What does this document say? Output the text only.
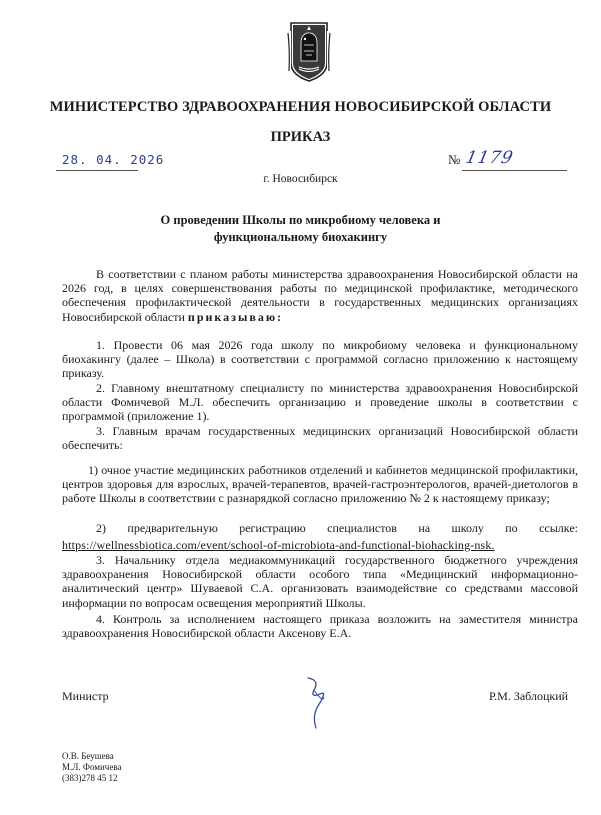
МИНИСТЕРСТВО ЗДРАВООХРАНЕНИЯ НОВОСИБИРСКОЙ ОБЛАСТИ
ПРИКАЗ
28. 04. 2026	№ 1179
г. Новосибирск
О проведении Школы по микробиому человека и
функциональному биохакингу
В соответствии с планом работы министерства здравоохранения Новосибирской области на 2026 год, в целях совершенствования работы по медицинской профилактике, методического обеспечения профилактической деятельности в государственных медицинских организациях Новосибирской области приказываю:
1. Провести 06 мая 2026 года школу по микробиому человека и функциональному биохакингу (далее – Школа) в соответствии с программой согласно приложению к настоящему приказу.
2. Главному внештатному специалисту по министерства здравоохранения Новосибирской области Фомичевой М.Л. обеспечить организацию и проведение школы в соответствии с программой (приложение 1).
3. Главным врачам государственных медицинских организаций Новосибирской области обеспечить:
1) очное участие медицинских работников отделений и кабинетов медицинской профилактики, центров здоровья для взрослых, врачей-терапевтов, врачей-гастроэнтерологов, врачей-диетологов в работе Школы в соответствии с разнарядкой согласно приложению № 2 к настоящему приказу;
2) предварительную регистрацию специалистов на школу по ссылке:
https://wellnessbiotica.com/event/school-of-microbiota-and-functional-biohacking-nsk.
3. Начальнику отдела медиакоммуникаций государственного бюджетного учреждения здравоохранения Новосибирской области особого типа «Медицинский информационно-аналитический центр» Шуваевой С.А. организовать взаимодействие со средствами массовой информации по вопросам освещения мероприятий Школы.
4. Контроль за исполнением настоящего приказа возложить на заместителя министра здравоохранения Новосибирской области Аксенову Е.А.
Министр	Р.М. Заблоцкий
О.В. Беушева
М.Л. Фомичева
(383)278 45 12
